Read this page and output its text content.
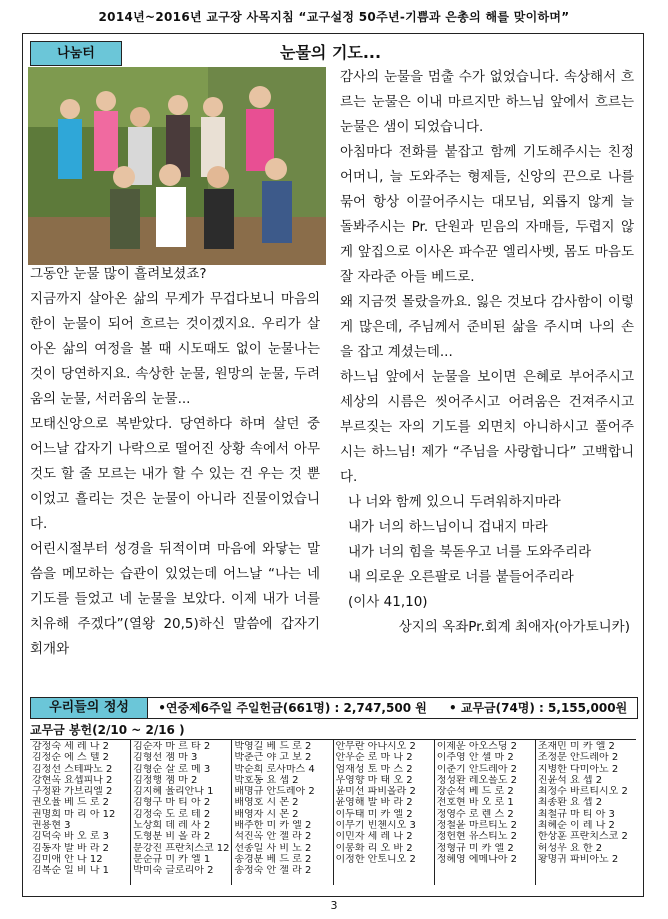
2014년~2016년 교구장 사목지침 “교구설정 50주년-기쁨과 은총의 해를 맞이하며”
나눔터	눈물의 기도...

그동안 눈물 많이 흘려보셨죠?

지금까지 살아온 삶의 무게가 무겁다보니 마음의 한이 눈물이 되어 흐르는 것이겠지요. 우리가 살아온 삶의 여정을 볼 때 시도때도 없이 눈물나는 것이 당연하지요. 속상한 눈물, 원망의 눈물, 두려움의 눈물, 서러움의 눈물...

모태신앙으로 복받았다. 당연하다 하며 살던 중 어느날 갑자기 나락으로 떨어진 상황 속에서 아무것도 할 줄 모르는 내가 할 수 있는 건 우는 것 뿐이었고 흘리는 것은 눈물이 아니라 진물이었습니다.

어린시절부터 성경을 뒤적이며 마음에 와닿는 말씀을 메모하는 습관이 있었는데 어느날 “나는 네 기도를 들었고 네 눈물을 보았다. 이제 내가 너를 치유해 주겠다”(열왕 20,5)하신 말씀에 갑자기 회개와

감사의 눈물을 멈출 수가 없었습니다. 속상해서 흐르는 눈물은 이내 마르지만 하느님 앞에서 흐르는 눈물은 샘이 되었습니다.

아침마다 전화를 붙잡고 함께 기도해주시는 친정어머니, 늘 도와주는 형제들, 신앙의 끈으로 나를 묶어 항상 이끌어주시는 대모님, 외롭지 않게 늘 돌봐주시는 Pr. 단원과 믿음의 자매들, 두렵지 않게 앞집으로 이사온 파수꾼 엘리사벳, 몸도 마음도 잘 자라준 아들 베드로.

왜 지금껏 몰랐을까요. 잃은 것보다 감사함이 이렇게 많은데, 주님께서 준비된 삶을 주시며 나의 손을 잡고 계셨는데...

하느님 앞에서 눈물을 보이면 은혜로 부어주시고 세상의 시름은 씻어주시고 어려움은 건져주시고 부르짖는 자의 기도를 외면치 아니하시고 풀어주시는 하느님! 제가 “주님을 사랑합니다” 고백합니다.

나 너와 함께 있으니 두려워하지마라

내가 너의 하느님이니 겁내지 마라

내가 너의 힘을 북돋우고 너를 도와주리라

내 의로운 오른팔로 너를 붙들어주리라

(이사 41,10)

상지의 옥좌Pr.회계 최애자(아가토니카)

우리들의 정성 •연중제6주일 주일헌금(661명) : 2,747,500 원 • 교무금(74명) : 5,155,000원
교무금 봉헌(2/10 ~ 2/16 )
감정숙 세 레 나 2
김정순 에 스 텔 2
김정선 스테파노 2
강현옥 요셉피나 2
구정환 가브리엘 2
권오율 베 드 로 2
권명희 마 리 아 12
권용현 3
김덕숙 바 오 로 3
김동자 발 바 라 2
김미애 안 나 12
김복순 일 비 나 1
김순자 마 르 타 2
김형선 젬 마 3
김형순 살 로 메 3
김정행 젬 마 2
김지혜 율리안나 1
김형구 마 티 아 2
김정숙 도 로 테 2
노상희 데 레 사 2
도형분 비 올 라 2
문강진 프란치스코 12
문순규 미 카 엘 1
박미숙 글로리아 2
박영길 베 드 로 2
박춘근 야 고 보 2
박순희 로사마스 4
박호동 요 셉 2
배명규 안드레아 2
배영호 시 몬 2
배영자 시 몬 2
배주한 미 카 엘 2
석진옥 안 젤 라 2
선종일 사 비 노 2
송경분 베 드 로 2
송정숙 안 젤 라 2
안무란 아나시오 2
안우순 로 마 나 2
엄재성 토 마 스 2
우영향 마 태 오 2
윤미선 파비올라 2
윤영해 발 바 라 2
이두태 미 카 엘 2
이무기 빈첸시오 3
이민자 세 레 나 2
이봉화 리 오 바 2
이정한 안토니오 2
이제운 아오스딩 2
이주영 안 셀 마 2
이춘기 안드레아 2
정성환 레오폴도 2
장순석 베 드 로 2
전호현 바 오 로 1
정영수 로 렌 스 2
정철윤 마르티노 2
정헌현 유스티노 2
정형규 미 카 엘 2
정혜영 에메나아 2
조재민 미 카 엘 2
조정문 안드레아 2
지병한 다미아노 2
진윤석 요 셉 2
최정수 바르티시오 2
최종환 요 셉 2
최철규 마 티 아 3
최혜순 이 레 나 2
한상훈 프란치스코 2
허성우 요 한 2
황명귀 파비아노 2
3
